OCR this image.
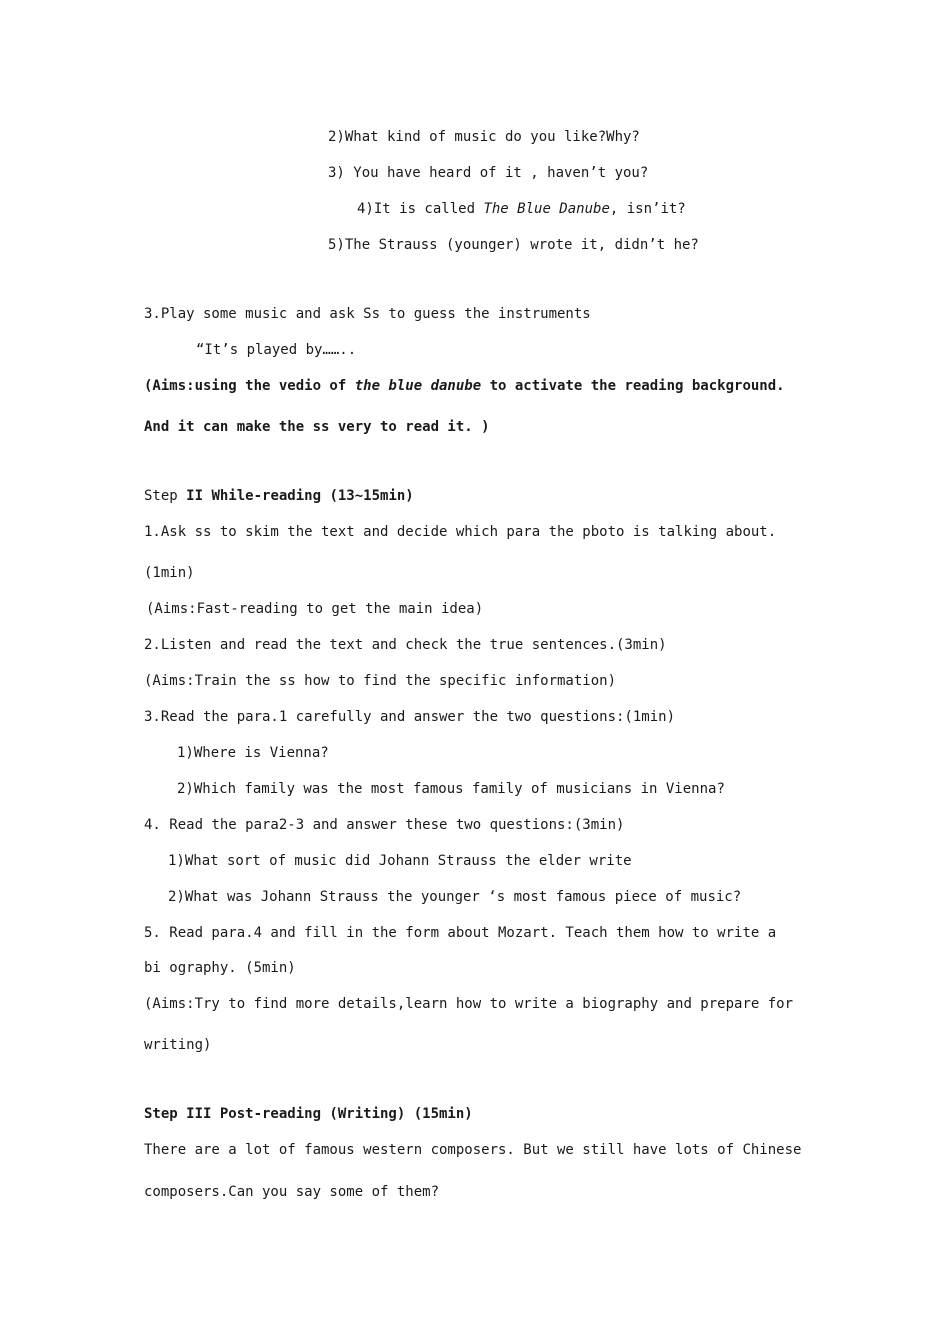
2)What kind of music do you like?Why?

3) You have heard of it , haven’t you?

4)It is called The Blue Danube, isn’it?

5)The Strauss (younger) wrote it, didn’t he?

3.Play some music and ask Ss to guess the instruments

“It’s played by……..

(Aims:using the vedio of the blue danube to activate the reading background.

And it can make the ss very to read it. )

Step II While-reading (13~15min)

1.Ask ss to skim the text and decide which para the pboto is talking about.

(1min)

(Aims:Fast-reading to get the main idea)

2.Listen and read the text and check the true sentences.(3min)

(Aims:Train the ss how to find the specific information)

3.Read the para.1 carefully and answer the two questions:(1min)

1)Where is Vienna?

2)Which family was the most famous family of musicians in Vienna?

4. Read the para2-3 and answer these two questions:(3min)

1)What sort of music did Johann Strauss the elder write

2)What was Johann Strauss the younger ‘s most famous piece of music?

5. Read para.4 and fill in the form about Mozart. Teach them how to write a

bi ography. (5min)

(Aims:Try to find more details,learn how to write a biography and prepare for

writing)

Step III Post-reading (Writing) (15min)

There are a lot of famous western composers. But we still have lots of Chinese

composers.Can you say some of them?
